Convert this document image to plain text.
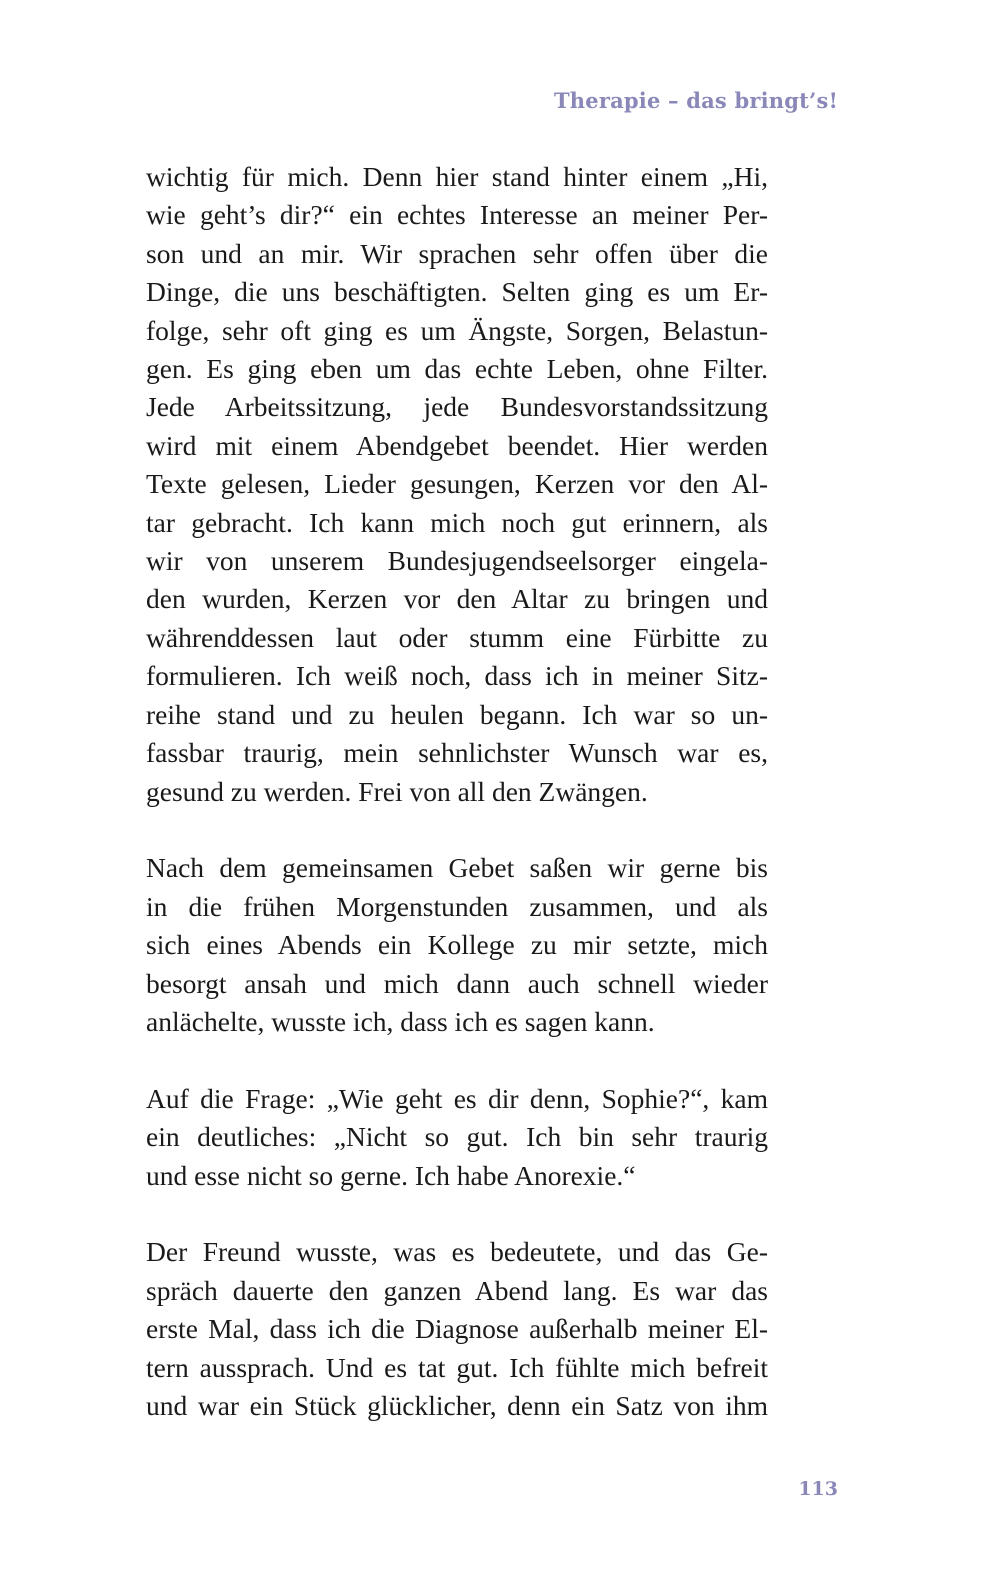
Therapie – das bringt’s!

wichtig für mich. Denn hier stand hinter einem „Hi,
wie geht’s dir?“ ein echtes Interesse an meiner Per-
son und an mir. Wir sprachen sehr offen über die
Dinge, die uns beschäftigten. Selten ging es um Er-
folge, sehr oft ging es um Ängste, Sorgen, Belastun-
gen. Es ging eben um das echte Leben, ohne Filter.
Jede Arbeitssitzung, jede Bundesvorstandssitzung
wird mit einem Abendgebet beendet. Hier werden
Texte gelesen, Lieder gesungen, Kerzen vor den Al-
tar gebracht. Ich kann mich noch gut erinnern, als
wir von unserem Bundesjugendseelsorger eingela-
den wurden, Kerzen vor den Altar zu bringen und
währenddessen laut oder stumm eine Fürbitte zu
formulieren. Ich weiß noch, dass ich in meiner Sitz-
reihe stand und zu heulen begann. Ich war so un-
fassbar traurig, mein sehnlichster Wunsch war es,
gesund zu werden. Frei von all den Zwängen.

Nach dem gemeinsamen Gebet saßen wir gerne bis
in die frühen Morgenstunden zusammen, und als
sich eines Abends ein Kollege zu mir setzte, mich
besorgt ansah und mich dann auch schnell wieder
anlächelte, wusste ich, dass ich es sagen kann.

Auf die Frage: „Wie geht es dir denn, Sophie?“, kam
ein deutliches: „Nicht so gut. Ich bin sehr traurig
und esse nicht so gerne. Ich habe Anorexie.“

Der Freund wusste, was es bedeutete, und das Ge-
spräch dauerte den ganzen Abend lang. Es war das
erste Mal, dass ich die Diagnose außerhalb meiner El-
tern aussprach. Und es tat gut. Ich fühlte mich befreit
und war ein Stück glücklicher, denn ein Satz von ihm

113
